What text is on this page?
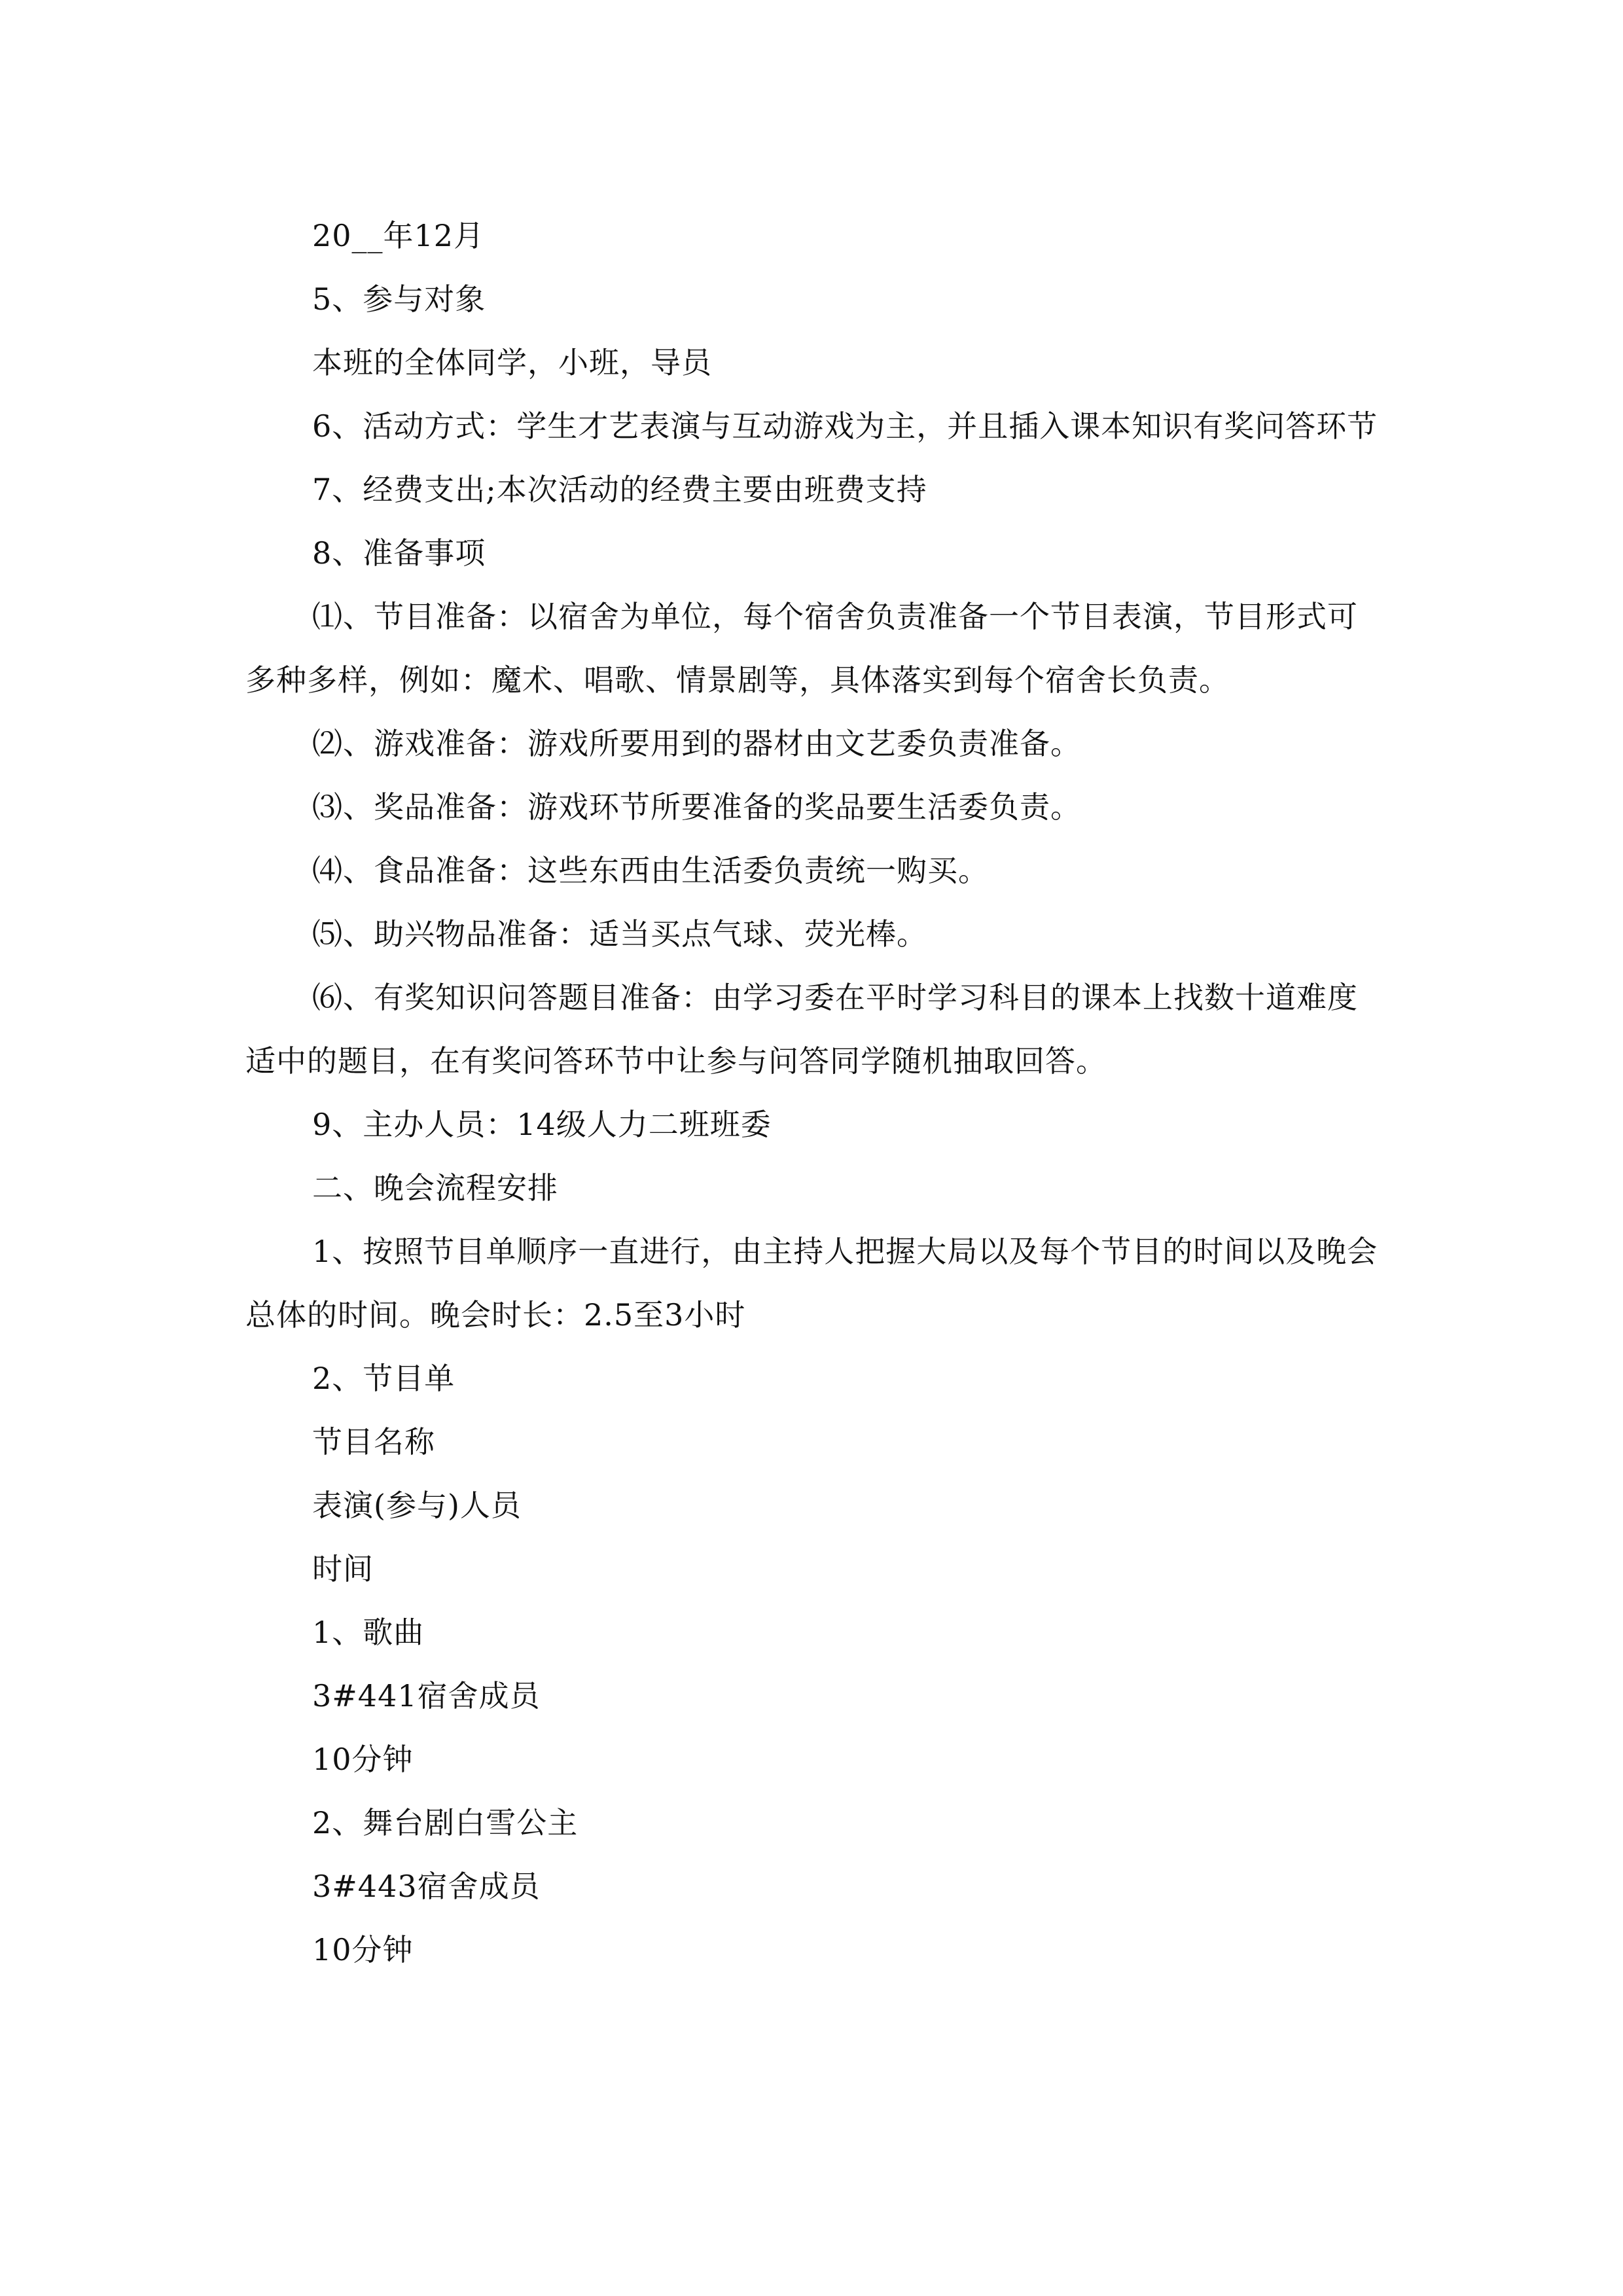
20__年12月

5、参与对象

本班的全体同学，小班，导员

6、活动方式：学生才艺表演与互动游戏为主，并且插入课本知识有奖问答环节

7、经费支出;本次活动的经费主要由班费支持

8、准备事项

⑴、节目准备：以宿舍为单位，每个宿舍负责准备一个节目表演，节目形式可多种多样，例如：魔术、唱歌、情景剧等，具体落实到每个宿舍长负责。

⑵、游戏准备：游戏所要用到的器材由文艺委负责准备。

⑶、奖品准备：游戏环节所要准备的奖品要生活委负责。

⑷、食品准备：这些东西由生活委负责统一购买。

⑸、助兴物品准备：适当买点气球、荧光棒。

⑹、有奖知识问答题目准备：由学习委在平时学习科目的课本上找数十道难度适中的题目，在有奖问答环节中让参与问答同学随机抽取回答。

9、主办人员：14级人力二班班委

二、晚会流程安排

1、按照节目单顺序一直进行，由主持人把握大局以及每个节目的时间以及晚会总体的时间。晚会时长：2.5至3小时

2、节目单

节目名称

表演(参与)人员

时间

1、歌曲

3#441宿舍成员

10分钟

2、舞台剧白雪公主

3#443宿舍成员

10分钟
